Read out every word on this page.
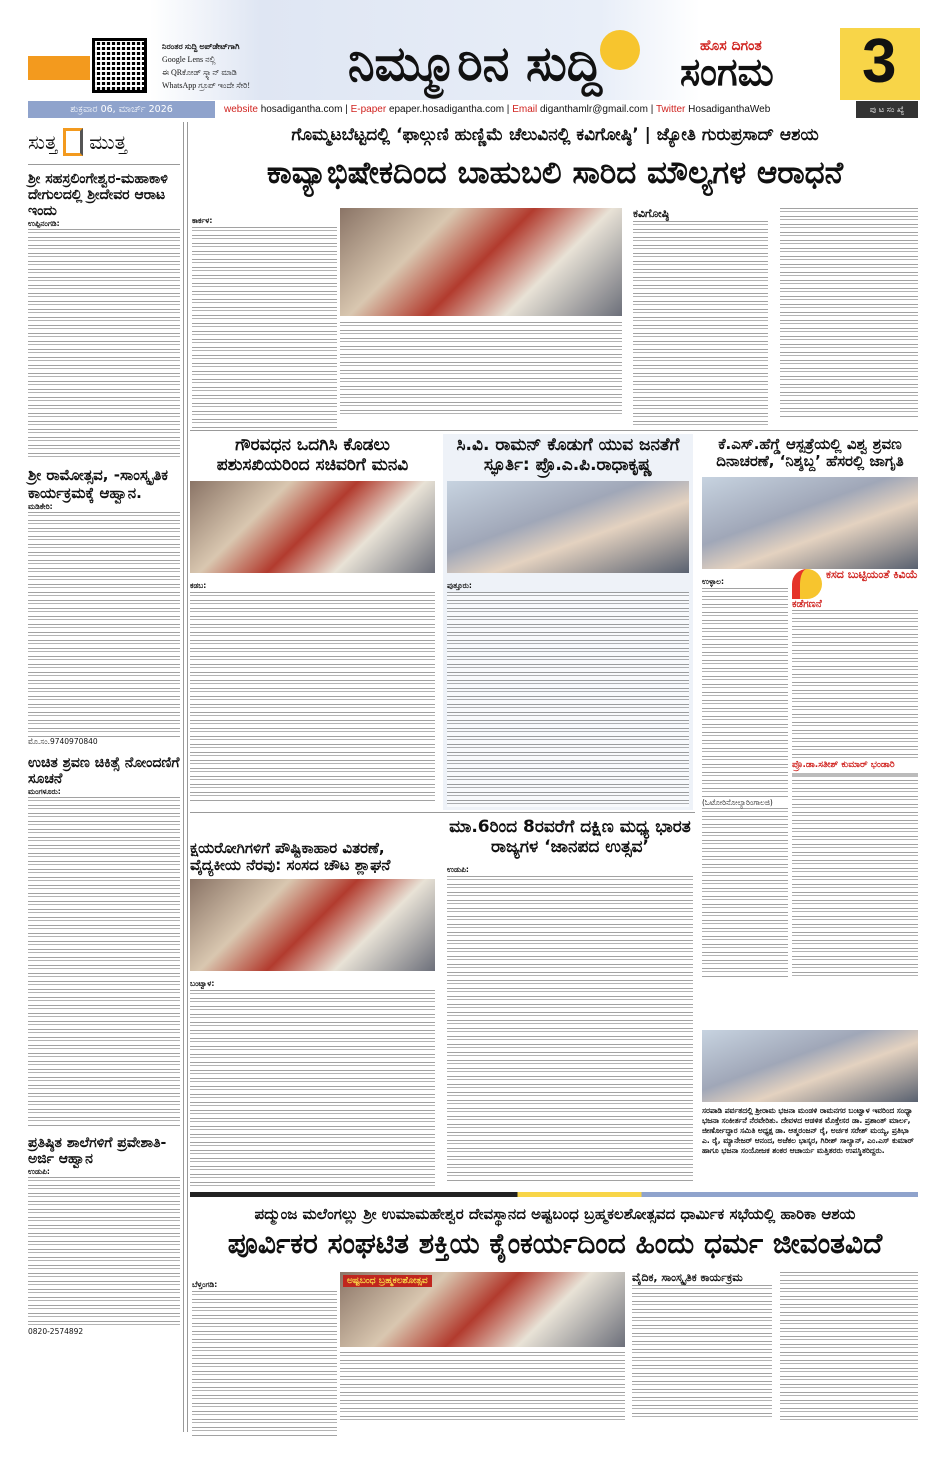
ನಿರಂತರ ಸುದ್ದಿ ಅಪ್‌ಡೇಟ್‌ಗಾಗಿ
Google Lens ನಲ್ಲಿ
ಈ QRಕೋಡ್ ಸ್ಕ್ಯಾನ್ ಮಾಡಿ
WhatsApp ಗ್ರೂಪ್ ಇಂದೇ ಸೇರಿ!	ನಿಮ್ಮೂರಿನ ಸುದ್ದಿ	ಹೊಸ ದಿಗಂತ
ಸಂಗಮ 3
ಶುಕ್ರವಾರ 06, ಮಾರ್ಚ್ 2026	website hosadigantha.com | E-paper epaper.hosadigantha.com | Email diganthamlr@gmail.com | Twitter HosadiganthaWeb	ಪು ಟ ಸಂ ಖ್ಯೆ
ಸುತ್ತ ಮುತ್ತ
ಶ್ರೀ ಸಹಸ್ರಲಿಂಗೇಶ್ವರ-ಮಹಾಕಾಳಿ ದೇಗುಲದಲ್ಲಿ ಶ್ರೀದೇವರ ಆರಾಟ ಇಂದು
ಉಪ್ಪಿನಂಗಡಿ:
ಶ್ರೀ ರಾಮೋತ್ಸವ, -ಸಾಂಸ್ಕೃತಿಕ ಕಾರ್ಯಕ್ರಮಕ್ಕೆ ಆಹ್ವಾನ.
ಮಡಿಕೇರಿ:
ಮೊ.ಸಂ.9740970840
ಉಚಿತ ಶ್ರವಣ ಚಿಕಿತ್ಸೆ ನೋಂದಣಿಗೆ ಸೂಚನೆ
ಮಂಗಳೂರು:
ಪ್ರತಿಷ್ಠಿತ ಶಾಲೆಗಳಿಗೆ ಪ್ರವೇಶಾತಿ-ಅರ್ಜಿ ಆಹ್ವಾನ
ಉಡುಪಿ:
0820-2574892
ಗೊಮ್ಮಟಬೆಟ್ಟದಲ್ಲಿ ‘ಫಾಲ್ಗುಣಿ ಹುಣ್ಣಿಮೆ ಚೆಲುವಿನಲ್ಲಿ ಕವಿಗೋಷ್ಠಿ’ | ಜ್ಯೋತಿ ಗುರುಪ್ರಸಾದ್ ಆಶಯ
ಕಾವ್ಯಾಭಿಷೇಕದಿಂದ ಬಾಹುಬಲಿ ಸಾರಿದ ಮೌಲ್ಯಗಳ ಆರಾಧನೆ
ಕಾರ್ಕಳ:
ಕವಿಗೋಷ್ಠಿ
ಗೌರವಧನ ಒದಗಿಸಿ ಕೊಡಲು ಪಶುಸಖಿಯರಿಂದ ಸಚಿವರಿಗೆ ಮನವಿ
ಕಡಬ:
ಸಿ.ವಿ. ರಾಮನ್ ಕೊಡುಗೆ ಯುವ ಜನತೆಗೆ ಸ್ಫೂರ್ತಿ: ಪ್ರೊ.ಎ.ಪಿ.ರಾಧಾಕೃಷ್ಣ
ಪುತ್ತೂರು:
ಕೆ.ಎಸ್.ಹೆಗ್ಡೆ ಆಸ್ಪತ್ರೆಯಲ್ಲಿ ವಿಶ್ವ ಶ್ರವಣ ದಿನಾಚರಣೆ, ‘ನಿಶ್ಶಬ್ದ’ ಹೆಸರಲ್ಲಿ ಜಾಗೃತಿ
ಉಳ್ಳಾಲ:
(ಓಟೋರಿನೋಲ್ಯಾರಿಂಗಾಲಜಿ)
ಕಸದ ಬುಟ್ಟಿಯಂತೆ ಕಿವಿಯೆ
ಕಡೆಗಣನೆ
ಪ್ರೊ.ಡಾ.ಸತೀಶ್ ಕುಮಾರ್ ಭಂಡಾರಿ
ಕ್ಷಯರೋಗಿಗಳಿಗೆ ಪೌಷ್ಟಿಕಾಹಾರ ವಿತರಣೆ, ವೈದ್ಯಕೀಯ ನೆರವು: ಸಂಸದ ಚೌಟ ಶ್ಲಾಘನೆ
ಬಂಟ್ವಾಳ:
ಮಾ.6ರಿಂದ 8ರವರೆಗೆ ದಕ್ಷಿಣ ಮಧ್ಯ ಭಾರತ ರಾಜ್ಯಗಳ ‘ಜಾನಪದ ಉತ್ಸವ’
ಉಡುಪಿ:
ಸರಪಾಡಿ ಪರ್ವತದಲ್ಲಿ ಶ್ರೀರಾಮ ಭಜನಾ ಮಂಡಳಿ ರಾಮನಗರ ಬಂಟ್ವಾಳ ಇವರಿಂದ ಸಂಧ್ಯಾ ಭಜನಾ ಸಂಕೀರ್ತನೆ ನೆರವೇರಿತು. ದೇವಳದ ಆಡಳಿತ ಮೊಕ್ತೇಸರ ಡಾ. ಪ್ರಶಾಂತ್ ಮಾರ್ಲ, ಜೀರ್ಣೋದ್ಧಾರ ಸಮಿತಿ ಅಧ್ಯಕ್ಷ ಡಾ. ಆತ್ಮರಂಜನ್ ರೈ, ಅರ್ಚಕ ಸರೇಶ್ ಮಯ್ಯ, ಪ್ರತಿಭಾ ಎ. ರೈ, ಮ್ಯಾನೇಜರ್ ಆನಂದ, ಅಜೆಕಲ ಭಾಸ್ಕರ, ಗಿರೀಶ್ ಸಾಲ್ಯಾನ್, ಎಂ.ಎಸ್ ಕುಮಾರ್ ಹಾಗೂ ಭಜನಾ ಸಂಯೋಜಕ ಶಂಕರ ಆಚಾರ್ಯ ಮತ್ತಿತರರು ಉಪಸ್ಥಿತರಿದ್ದರು.
ಪದ್ಮುಂಜ ಮಲೆಂಗಲ್ಲು ಶ್ರೀ ಉಮಾಮಹೇಶ್ವರ ದೇವಸ್ಥಾನದ ಅಷ್ಟಬಂಧ ಬ್ರಹ್ಮಕಲಶೋತ್ಸವದ ಧಾರ್ಮಿಕ ಸಭೆಯಲ್ಲಿ ಹಾರಿಕಾ ಆಶಯ
ಪೂರ್ವಿಕರ ಸಂಘಟಿತ ಶಕ್ತಿಯ ಕೈಂಕರ್ಯದಿಂದ ಹಿಂದು ಧರ್ಮ ಜೀವಂತವಿದೆ
ಬೆಳ್ತಂಗಡಿ:	ಅಷ್ಟಬಂಧ ಬ್ರಹ್ಮಕಲಶೋತ್ಸವ	ವೈದಿಕ, ಸಾಂಸ್ಕೃತಿಕ ಕಾರ್ಯಕ್ರಮ
